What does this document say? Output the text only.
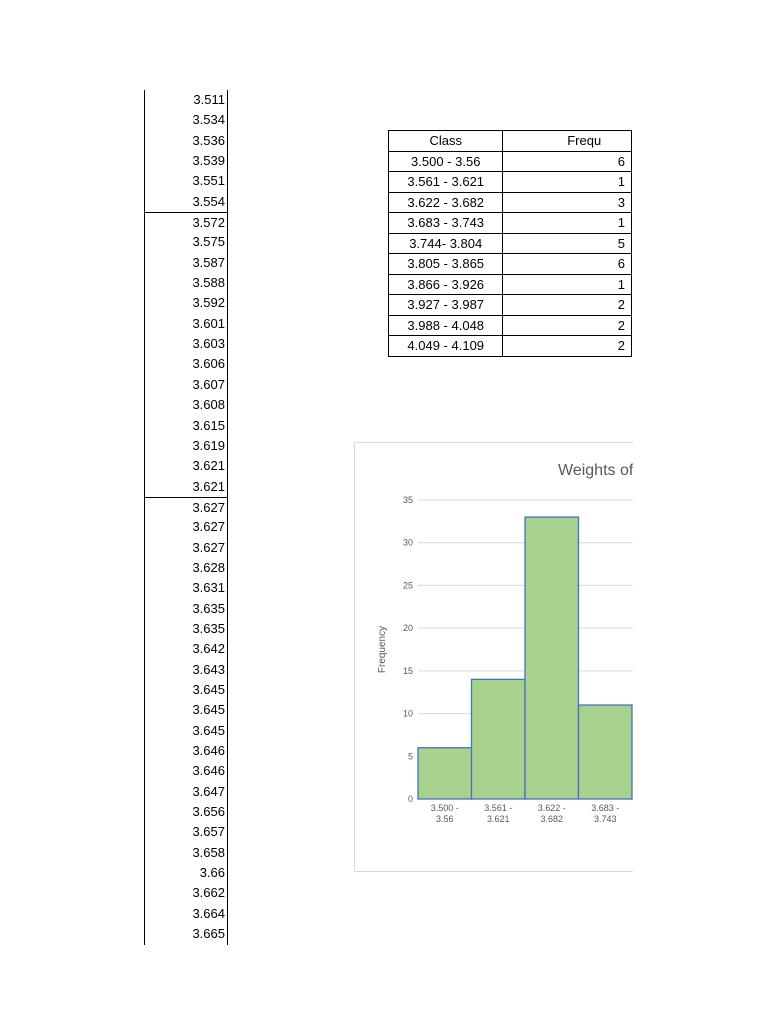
3.511
3.534
3.536
3.539
3.551
3.554
3.572
3.575
3.587
3.588
3.592
3.601
3.603
3.606
3.607
3.608
3.615
3.619
3.621
3.621
3.627
3.627
3.627
3.628
3.631
3.635
3.635
3.642
3.643
3.645
3.645
3.645
3.646
3.646
3.647
3.656
3.657
3.658
3.66
3.662
3.664
3.665
Class	Frequ
3.500 - 3.56	6
3.561 - 3.621	1
3.622 - 3.682	3
3.683 - 3.743	1
3.744- 3.804	5
3.805 - 3.865	6
3.866 - 3.926	1
3.927 - 3.987	2
3.988 - 4.048	2
4.049 - 4.109	2
Weights of
0
5
10
15
20
25
30
35
Frequency
3.500 -
3.56
3.561 -
3.621
3.622 -
3.682
3.683 -
3.743
